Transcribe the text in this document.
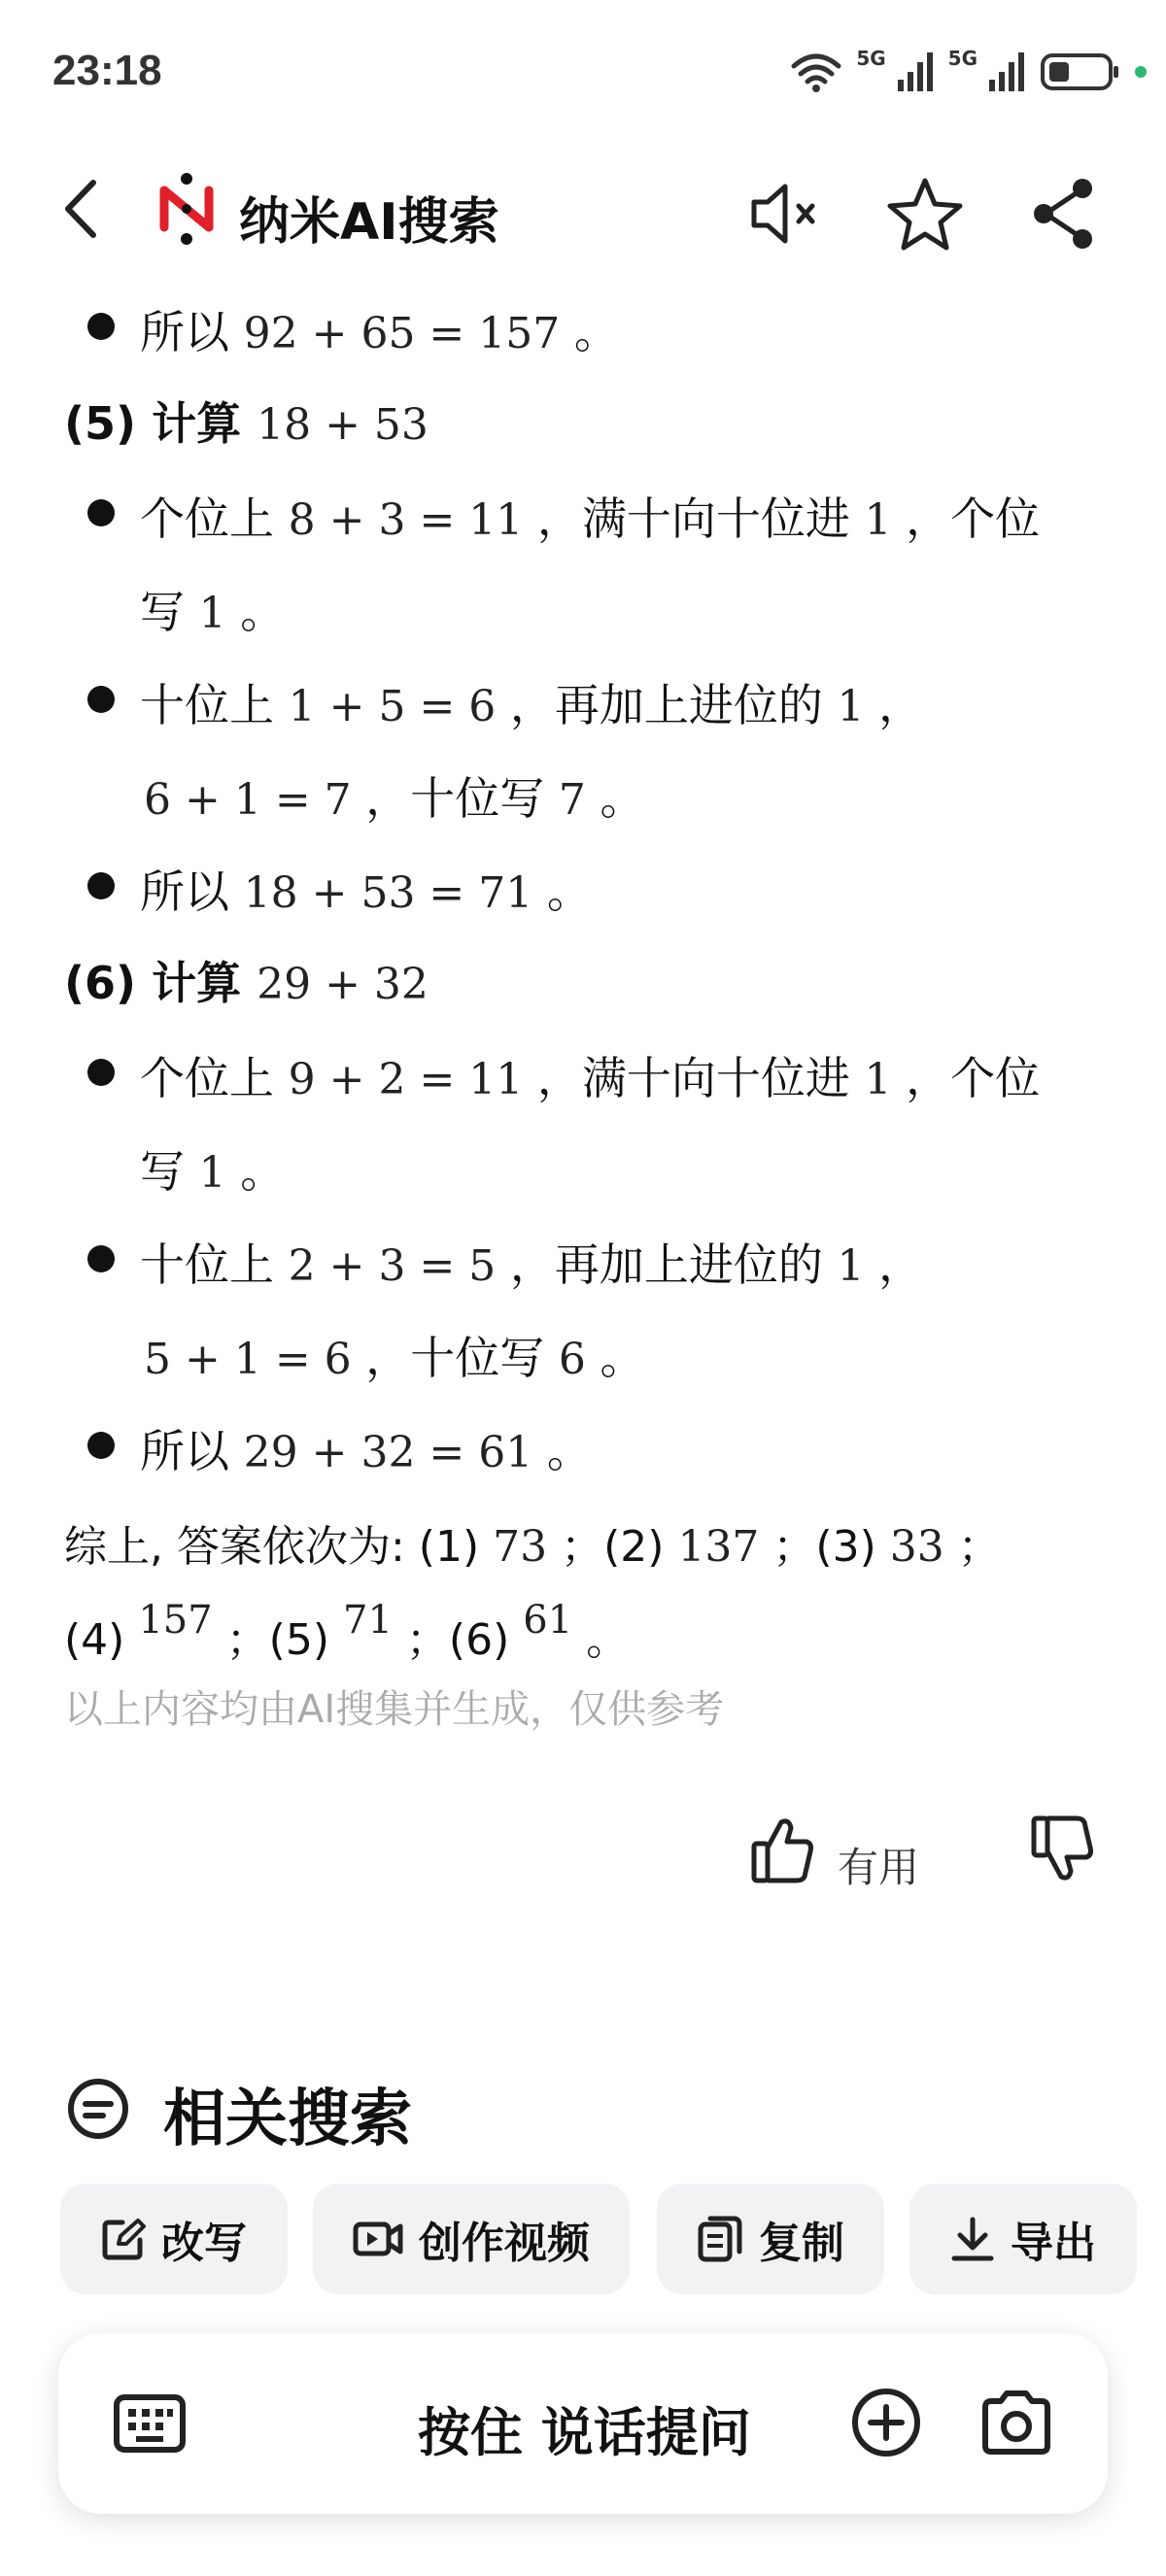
23:18	5G	5G
纳米AI搜索
所以 92 + 65 = 157 。
(5) 计算 18 + 53
个位上 8 + 3 = 11 ，满十向十位进 1 ，个位
写 1 。
十位上 1 + 5 = 6 ，再加上进位的 1 ，
6 + 1 = 7 ，十位写 7 。
所以 18 + 53 = 71 。
(6) 计算 29 + 32
个位上 9 + 2 = 11 ，满十向十位进 1 ，个位
写 1 。
十位上 2 + 3 = 5 ，再加上进位的 1 ，
5 + 1 = 6 ，十位写 6 。
所以 29 + 32 = 61 。
综上, 答案依次为: (1) 73 ；(2) 137 ；(3) 33 ；
(4) 157 ；(5) 71 ；(6) 61 。
以上内容均由AI搜集并生成，仅供参考
有用
相关搜索
改写	创作视频	复制	导出
按住 说话提问
